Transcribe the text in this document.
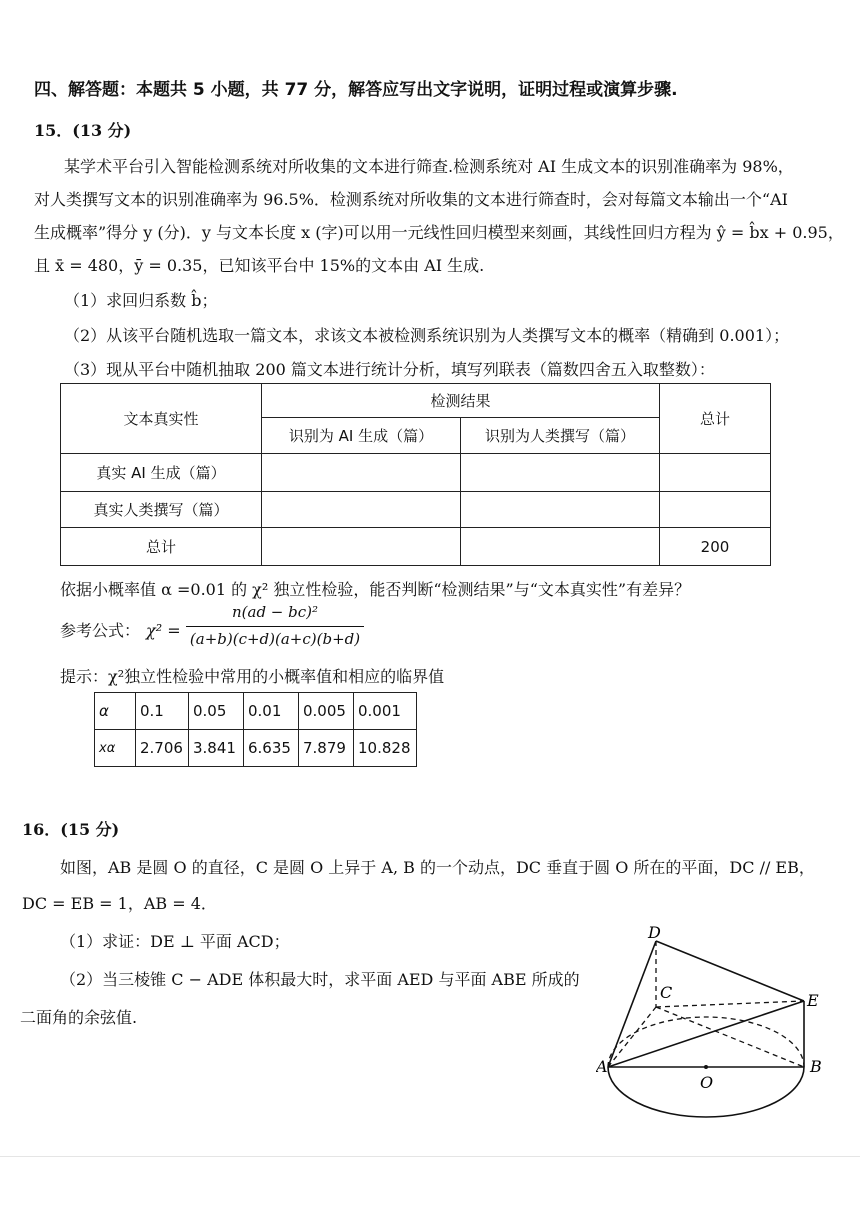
四、解答题：本题共 5 小题，共 77 分，解答应写出文字说明，证明过程或演算步骤.
15．(13 分)
某学术平台引入智能检测系统对所收集的文本进行筛查.检测系统对 AI 生成文本的识别准确率为 98%，
对人类撰写文本的识别准确率为 96.5%．检测系统对所收集的文本进行筛查时，会对每篇文本输出一个“AI
生成概率”得分 y (分)．y 与文本长度 x (字)可以用一元线性回归模型来刻画，其线性回归方程为 ŷ = b̂x + 0.95，
且 x̄ = 480，ȳ = 0.35，已知该平台中 15%的文本由 AI 生成.
（1）求回归系数 b̂；
（2）从该平台随机选取一篇文本，求该文本被检测系统识别为人类撰写文本的概率（精确到 0.001）；
（3）现从平台中随机抽取 200 篇文本进行统计分析，填写列联表（篇数四舍五入取整数）：
文本真实性	检测结果		总计
	识别为 AI 生成（篇）	识别为人类撰写（篇）	
真实 AI 生成（篇）			
真实人类撰写（篇）			
总计			200
依据小概率值 α =0.01 的 χ² 独立性检验，能否判断“检测结果”与“文本真实性”有差异？
参考公式： χ² =
n(ad − bc)²
(a+b)(c+d)(a+c)(b+d)
提示：χ²独立性检验中常用的小概率值和相应的临界值
α	0.1	0.05	0.01	0.005	0.001
xα	2.706	3.841	6.635	7.879	10.828
16．(15 分)
如图，AB 是圆 O 的直径，C 是圆 O 上异于 A, B 的一个动点，DC 垂直于圆 O 所在的平面，DC // EB，
DC = EB = 1，AB = 4．
（1）求证：DE ⊥ 平面 ACD；
（2）当三棱锥 C − ADE 体积最大时，求平面 AED 与平面 ABE 所成的
二面角的余弦值.
D
C	E
A	B
O
